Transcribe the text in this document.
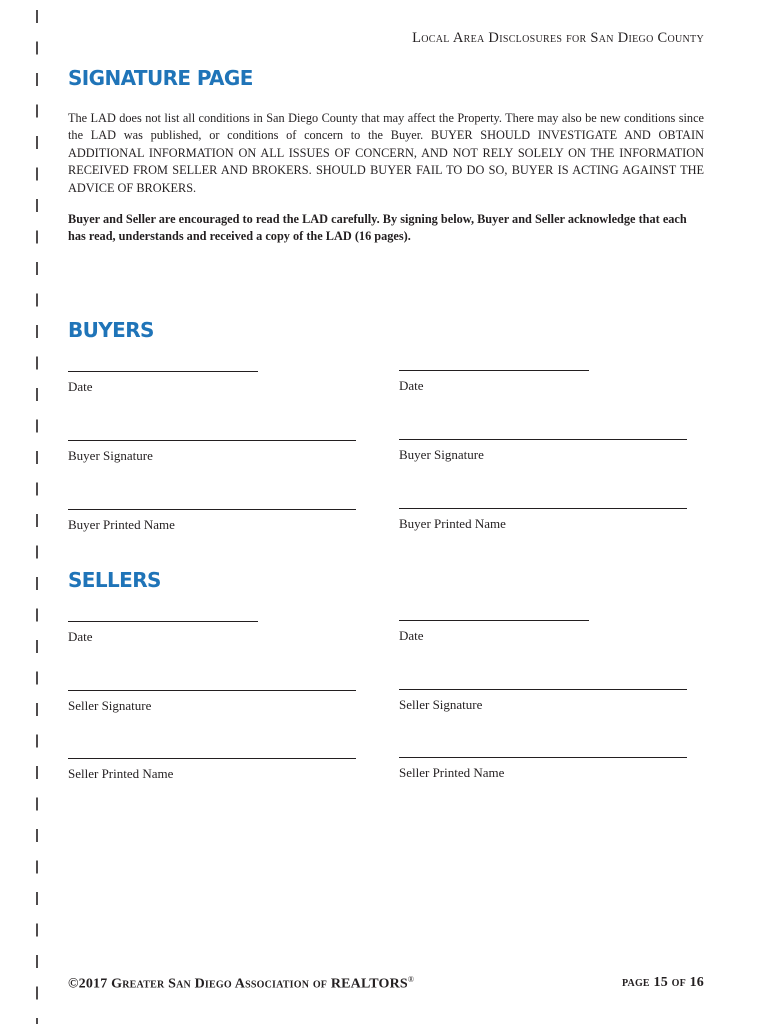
Local Area Disclosures for San Diego County

SIGNATURE PAGE

The LAD does not list all conditions in San Diego County that may affect the Property. There may also be new conditions since the LAD was published, or conditions of concern to the Buyer. BUYER SHOULD INVESTIGATE AND OBTAIN ADDITIONAL INFORMATION ON ALL ISSUES OF CONCERN, AND NOT RELY SOLELY ON THE INFORMATION RECEIVED FROM SELLER AND BROKERS. SHOULD BUYER FAIL TO DO SO, BUYER IS ACTING AGAINST THE ADVICE OF BROKERS.

Buyer and Seller are encouraged to read the LAD carefully. By signing below, Buyer and Seller acknowledge that each has read, understands and received a copy of the LAD (16 pages).

BUYERS
Date	Date
Buyer Signature	Buyer Signature
Buyer Printed Name	Buyer Printed Name
SELLERS
Date	Date
Seller Signature	Seller Signature
Seller Printed Name	Seller Printed Name

©2017 Greater San Diego Association of REALTORS®	page 15 of 16
